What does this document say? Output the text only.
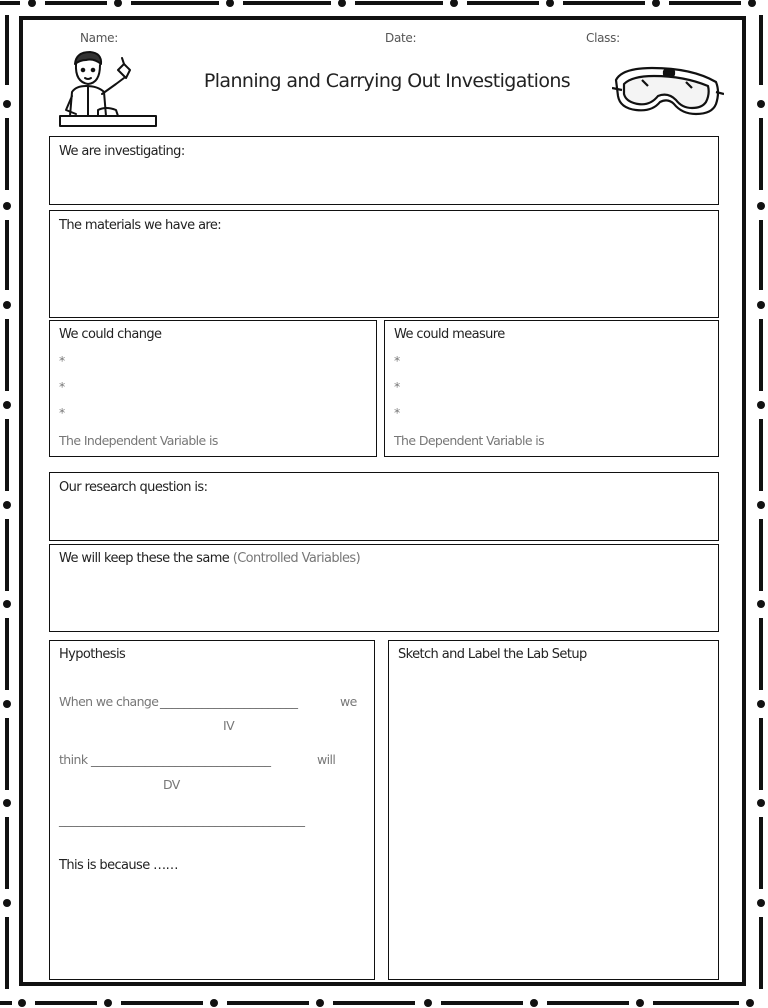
Name:	Date:	Class:
Planning and Carrying Out Investigations
We are investigating:
The materials we have are:
We could change
*
*
*
The Independent Variable is
We could measure
*
*
*
The Dependent Variable is
Our research question is:
We will keep these the same (Controlled Variables)
Hypothesis
When we change _______________________	we
IV
think ______________________________	will
DV
_________________________________________
This is because ……
Sketch and Label the Lab Setup
